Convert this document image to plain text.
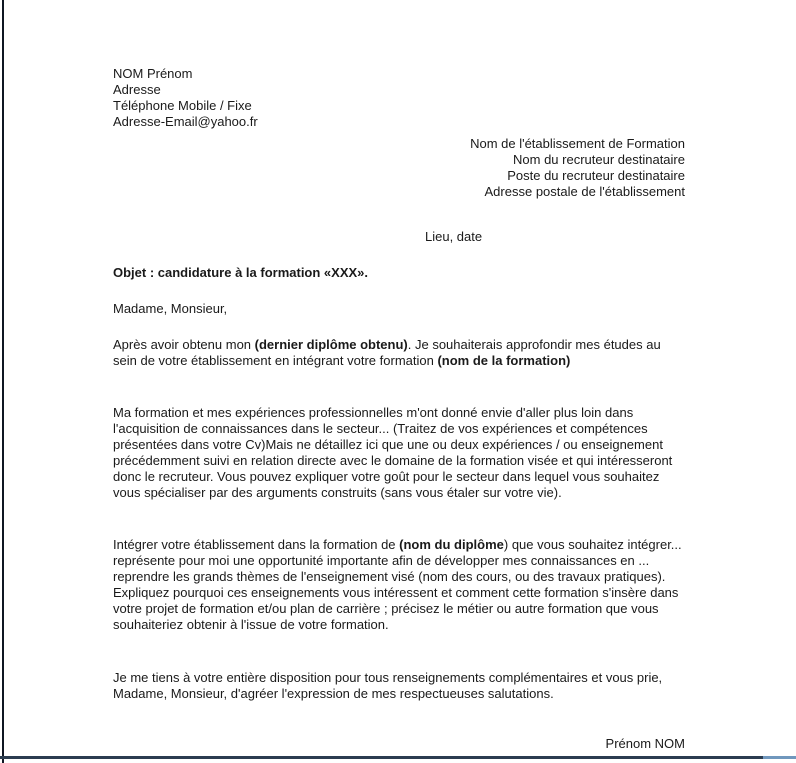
NOM Prénom
Adresse
Téléphone Mobile / Fixe
Adresse-Email@yahoo.fr
Nom de l'établissement de Formation
Nom du recruteur destinataire
Poste du recruteur destinataire
Adresse postale de l'établissement
Lieu, date
Objet : candidature à la formation «XXX».
Madame, Monsieur,
Après avoir obtenu mon (dernier diplôme obtenu). Je souhaiterais approfondir mes études au sein de votre établissement en intégrant votre formation (nom de la formation)
Ma formation et mes expériences professionnelles m'ont donné envie d'aller plus loin dans l'acquisition de connaissances dans le secteur... (Traitez de vos expériences et compétences présentées dans votre Cv)Mais ne détaillez ici que une ou deux expériences / ou enseignement précédemment suivi en relation directe avec le domaine de la formation visée et qui intéresseront donc le recruteur. Vous pouvez expliquer votre goût pour le secteur dans lequel vous souhaitez vous spécialiser par des arguments construits (sans vous étaler sur votre vie).
Intégrer votre établissement dans la formation de (nom du diplôme) que vous souhaitez intégrer... représente pour moi une opportunité importante afin de développer mes connaissances en ... reprendre les grands thèmes de l'enseignement visé (nom des cours, ou des travaux pratiques). Expliquez pourquoi ces enseignements vous intéressent et comment cette formation s'insère dans votre projet de formation et/ou plan de carrière ; précisez le métier ou autre formation que vous souhaiteriez obtenir à l'issue de votre formation.
Je me tiens à votre entière disposition pour tous renseignements complémentaires et vous prie, Madame, Monsieur, d'agréer l'expression de mes respectueuses salutations.
Prénom NOM
